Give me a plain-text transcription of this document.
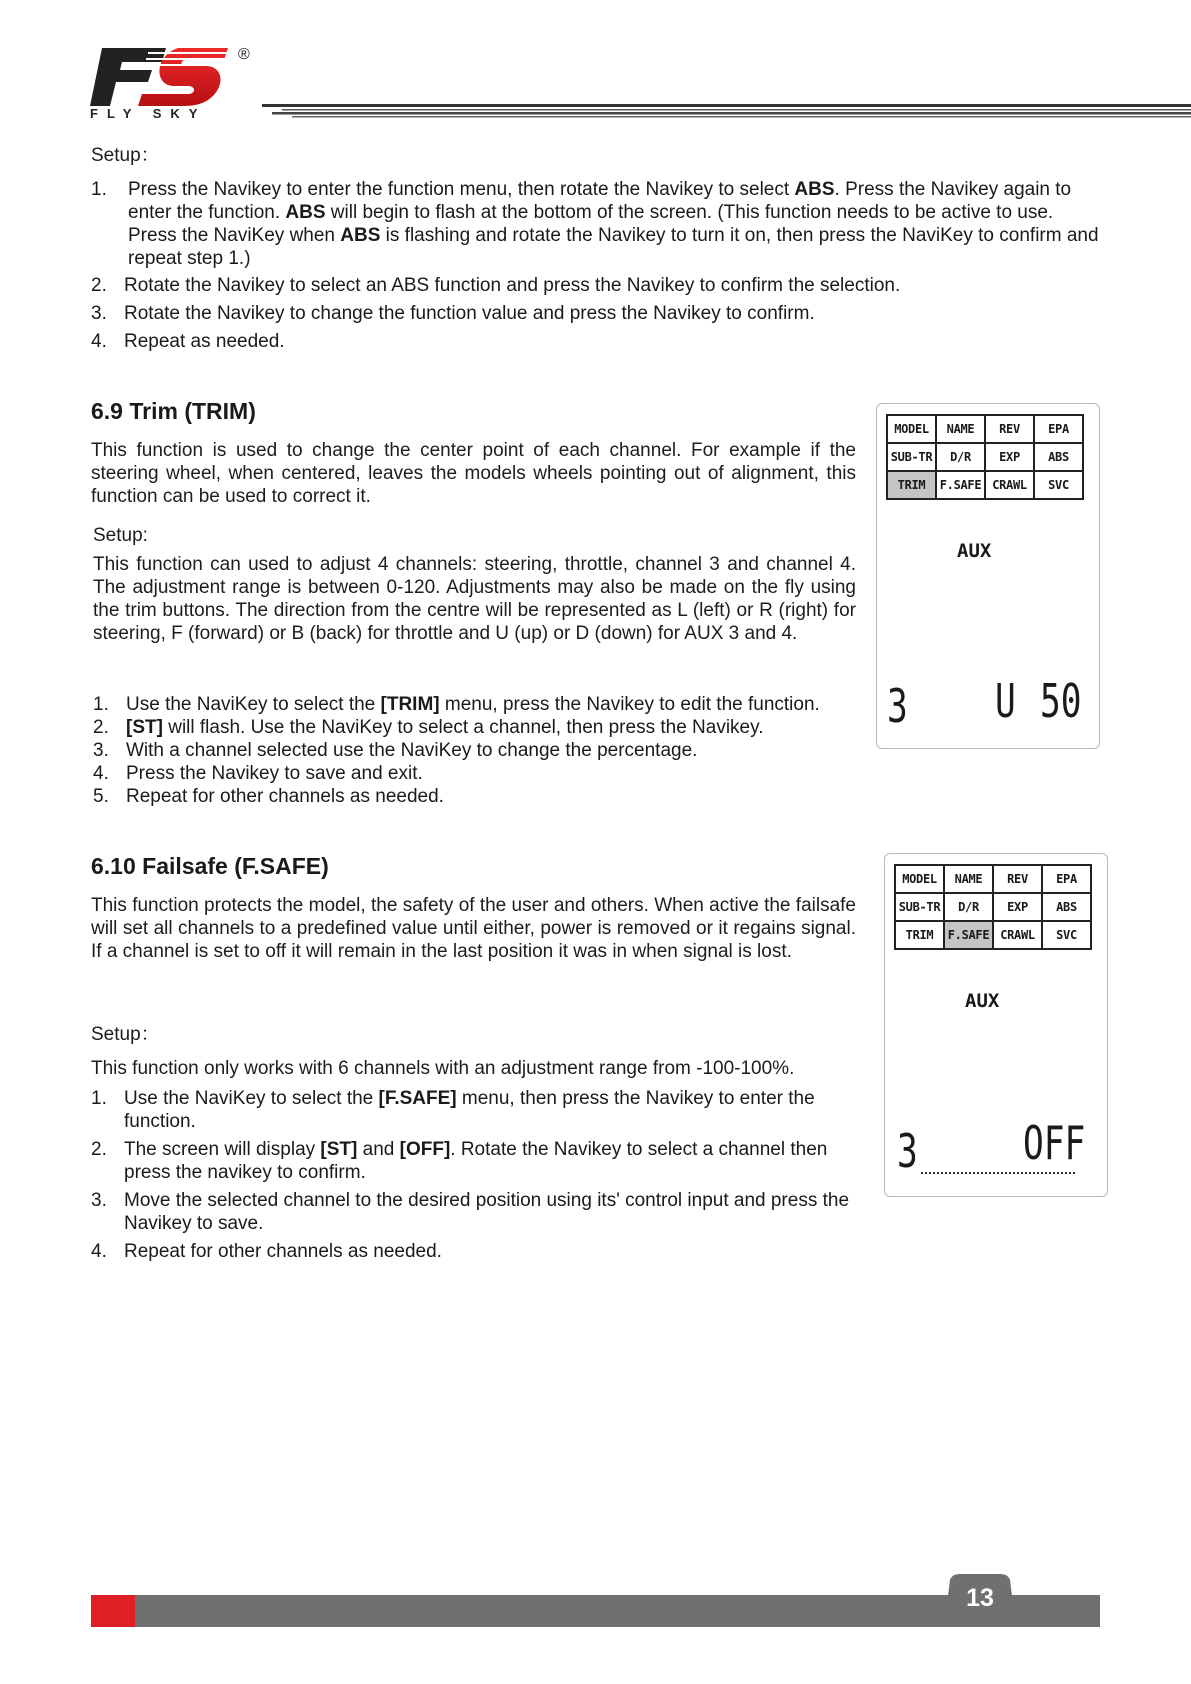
®
FLY SKY
Setup：
1. Press the Navikey to enter the function menu, then rotate the Navikey to select ABS. Press the Navikey again to enter the function. ABS will begin to flash at the bottom of the screen. (This function needs to be active to use. Press the NaviKey when ABS is flashing and rotate the Navikey to turn it on, then press the NaviKey to confirm and repeat step 1.)
2. Rotate the Navikey to select an ABS function and press the Navikey to confirm the selection.
3. Rotate the Navikey to change the function value and press the Navikey to confirm.
4. Repeat as needed.
6.9 Trim (TRIM)
This function is used to change the center point of each channel. For example if the steering wheel, when centered, leaves the models wheels pointing out of alignment, this function can be used to correct it.
Setup:
This function can used to adjust 4 channels: steering, throttle, channel 3 and channel 4. The adjustment range is between 0-120. Adjustments may also be made on the fly using the trim buttons. The direction from the centre will be represented as L (left) or R (right) for steering, F (forward) or B (back) for throttle and U (up) or D (down) for AUX 3 and 4.
1. Use the NaviKey to select the [TRIM] menu, press the Navikey to edit the function.
2. [ST] will flash. Use the NaviKey to select a channel, then press the Navikey.
3. With a channel selected use the NaviKey to change the percentage.
4. Press the Navikey to save and exit.
5. Repeat for other channels as needed.
MODEL	NAME	REV	EPA
SUB-TR	D/R	EXP	ABS
TRIM	F.SAFE	CRAWL	SVC
AUX
3 U 50
6.10 Failsafe (F.SAFE)
This function protects the model, the safety of the user and others. When active the failsafe will set all channels to a predefined value until either, power is removed or it regains signal. If a channel is set to off it will remain in the last position it was in when signal is lost.
Setup：
This function only works with 6 channels with an adjustment range from -100-100%.
1. Use the NaviKey to select the [F.SAFE] menu, then press the Navikey to enter the function.
2. The screen will display [ST] and [OFF]. Rotate the Navikey to select a channel then press the navikey to confirm.
3. Move the selected channel to the desired position using its' control input and press the Navikey to save.
4. Repeat for other channels as needed.
MODEL	NAME	REV	EPA
SUB-TR	D/R	EXP	ABS
TRIM	F.SAFE	CRAWL	SVC
AUX
3 OFF
13
